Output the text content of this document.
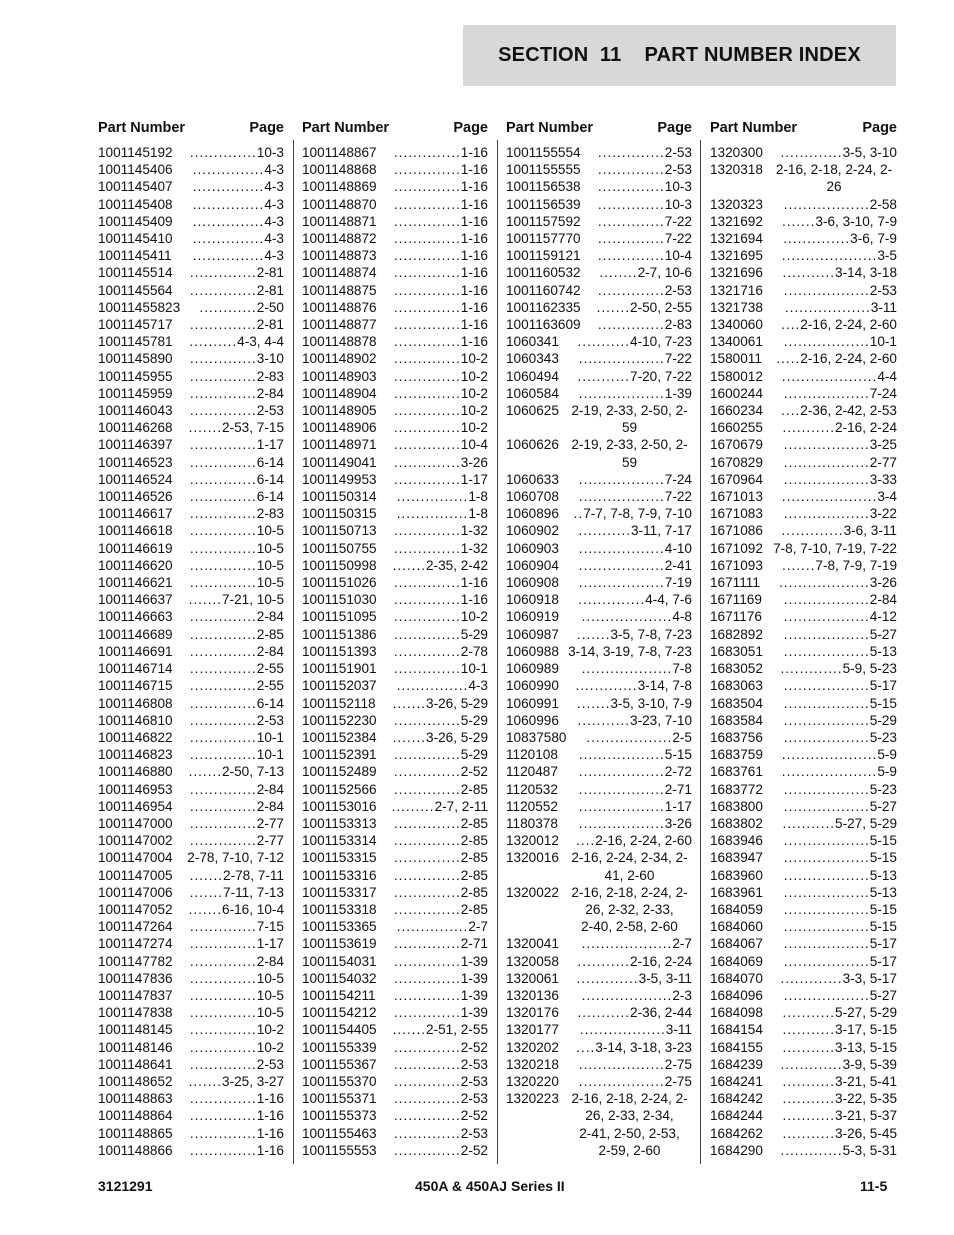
SECTION  11    PART NUMBER INDEX
Part Number	Page
1001145192	..............10-3
1001145406	...............4-3
1001145407	...............4-3
1001145408	...............4-3
1001145409	...............4-3
1001145410	...............4-3
1001145411	...............4-3
1001145514	..............2-81
1001145564	..............2-81
10011455823	............2-50
1001145717	..............2-81
1001145781	..........4-3, 4-4
1001145890	..............3-10
1001145955	..............2-83
1001145959	..............2-84
1001146043	..............2-53
1001146268	.......2-53, 7-15
1001146397	..............1-17
1001146523	..............6-14
1001146524	..............6-14
1001146526	..............6-14
1001146617	..............2-83
1001146618	..............10-5
1001146619	..............10-5
1001146620	..............10-5
1001146621	..............10-5
1001146637	.......7-21, 10-5
1001146663	..............2-84
1001146689	..............2-85
1001146691	..............2-84
1001146714	..............2-55
1001146715	..............2-55
1001146808	..............6-14
1001146810	..............2-53
1001146822	..............10-1
1001146823	..............10-1
1001146880	.......2-50, 7-13
1001146953	..............2-84
1001146954	..............2-84
1001147000	..............2-77
1001147002	..............2-77
1001147004	2-78, 7-10, 7-12
1001147005	.......2-78, 7-11
1001147006	.......7-11, 7-13
1001147052	.......6-16, 10-4
1001147264	..............7-15
1001147274	..............1-17
1001147782	..............2-84
1001147836	..............10-5
1001147837	..............10-5
1001147838	..............10-5
1001148145	..............10-2
1001148146	..............10-2
1001148641	..............2-53
1001148652	.......3-25, 3-27
1001148863	..............1-16
1001148864	..............1-16
1001148865	..............1-16
1001148866	..............1-16
Part Number	Page
1001148867	..............1-16
1001148868	..............1-16
1001148869	..............1-16
1001148870	..............1-16
1001148871	..............1-16
1001148872	..............1-16
1001148873	..............1-16
1001148874	..............1-16
1001148875	..............1-16
1001148876	..............1-16
1001148877	..............1-16
1001148878	..............1-16
1001148902	..............10-2
1001148903	..............10-2
1001148904	..............10-2
1001148905	..............10-2
1001148906	..............10-2
1001148971	..............10-4
1001149041	..............3-26
1001149953	..............1-17
1001150314	...............1-8
1001150315	...............1-8
1001150713	..............1-32
1001150755	..............1-32
1001150998	.......2-35, 2-42
1001151026	..............1-16
1001151030	..............1-16
1001151095	..............10-2
1001151386	..............5-29
1001151393	..............2-78
1001151901	..............10-1
1001152037	...............4-3
1001152118	.......3-26, 5-29
1001152230	..............5-29
1001152384	.......3-26, 5-29
1001152391	..............5-29
1001152489	..............2-52
1001152566	..............2-85
1001153016	.........2-7, 2-11
1001153313	..............2-85
1001153314	..............2-85
1001153315	..............2-85
1001153316	..............2-85
1001153317	..............2-85
1001153318	..............2-85
1001153365	...............2-7
1001153619	..............2-71
1001154031	..............1-39
1001154032	..............1-39
1001154211	..............1-39
1001154212	..............1-39
1001154405	.......2-51, 2-55
1001155339	..............2-52
1001155367	..............2-53
1001155370	..............2-53
1001155371	..............2-53
1001155373	..............2-52
1001155463	..............2-53
1001155553	..............2-52
Part Number	Page
1001155554	..............2-53
1001155555	..............2-53
1001156538	..............10-3
1001156539	..............10-3
1001157592	..............7-22
1001157770	..............7-22
1001159121	..............10-4
1001160532	........2-7, 10-6
1001160742	..............2-53
1001162335	.......2-50, 2-55
1001163609	..............2-83
1060341	...........4-10, 7-23
1060343	..................7-22
1060494	...........7-20, 7-22
1060584	..................1-39
1060625 2-19, 2-33, 2-50, 2-
59
1060626 2-19, 2-33, 2-50, 2-
59
1060633	..................7-24
1060708	..................7-22
1060896	..7-7, 7-8, 7-9, 7-10
1060902	...........3-11, 7-17
1060903	..................4-10
1060904	..................2-41
1060908	..................7-19
1060918	..............4-4, 7-6
1060919	...................4-8
1060987	.......3-5, 7-8, 7-23
1060988 3-14, 3-19, 7-8, 7-23
1060989	...................7-8
1060990	.............3-14, 7-8
1060991	.......3-5, 3-10, 7-9
1060996	...........3-23, 7-10
10837580	..................2-5
1120108	..................5-15
1120487	..................2-72
1120532	..................2-71
1120552	..................1-17
1180378	..................3-26
1320012	....2-16, 2-24, 2-60
1320016 2-16, 2-24, 2-34, 2-
41, 2-60
1320022 2-16, 2-18, 2-24, 2-
26, 2-32, 2-33,
2-40, 2-58, 2-60
1320041	...................2-7
1320058	...........2-16, 2-24
1320061	.............3-5, 3-11
1320136	...................2-3
1320176	...........2-36, 2-44
1320177	..................3-11
1320202	....3-14, 3-18, 3-23
1320218	..................2-75
1320220	..................2-75
1320223 2-16, 2-18, 2-24, 2-
26, 2-33, 2-34,
2-41, 2-50, 2-53,
2-59, 2-60
Part Number	Page
1320300	.............3-5, 3-10
1320318 2-16, 2-18, 2-24, 2-
26
1320323	..................2-58
1321692	.......3-6, 3-10, 7-9
1321694	..............3-6, 7-9
1321695	....................3-5
1321696	...........3-14, 3-18
1321716	..................2-53
1321738	..................3-11
1340060	....2-16, 2-24, 2-60
1340061	..................10-1
1580011	.....2-16, 2-24, 2-60
1580012	....................4-4
1600244	..................7-24
1660234	....2-36, 2-42, 2-53
1660255	...........2-16, 2-24
1670679	..................3-25
1670829	..................2-77
1670964	..................3-33
1671013	....................3-4
1671083	..................3-22
1671086	.............3-6, 3-11
1671092 7-8, 7-10, 7-19, 7-22
1671093	.......7-8, 7-9, 7-19
1671111	...................3-26
1671169	..................2-84
1671176	..................4-12
1682892	..................5-27
1683051	..................5-13
1683052	.............5-9, 5-23
1683063	..................5-17
1683504	..................5-15
1683584	..................5-29
1683756	..................5-23
1683759	....................5-9
1683761	....................5-9
1683772	..................5-23
1683800	..................5-27
1683802	...........5-27, 5-29
1683946	..................5-15
1683947	..................5-15
1683960	..................5-13
1683961	..................5-13
1684059	..................5-15
1684060	..................5-15
1684067	..................5-17
1684069	..................5-17
1684070	.............3-3, 5-17
1684096	..................5-27
1684098	...........5-27, 5-29
1684154	...........3-17, 5-15
1684155	...........3-13, 5-15
1684239	.............3-9, 5-39
1684241	...........3-21, 5-41
1684242	...........3-22, 5-35
1684244	...........3-21, 5-37
1684262	...........3-26, 5-45
1684290	.............5-3, 5-31
3121291	450A & 450AJ Series II	11-5
